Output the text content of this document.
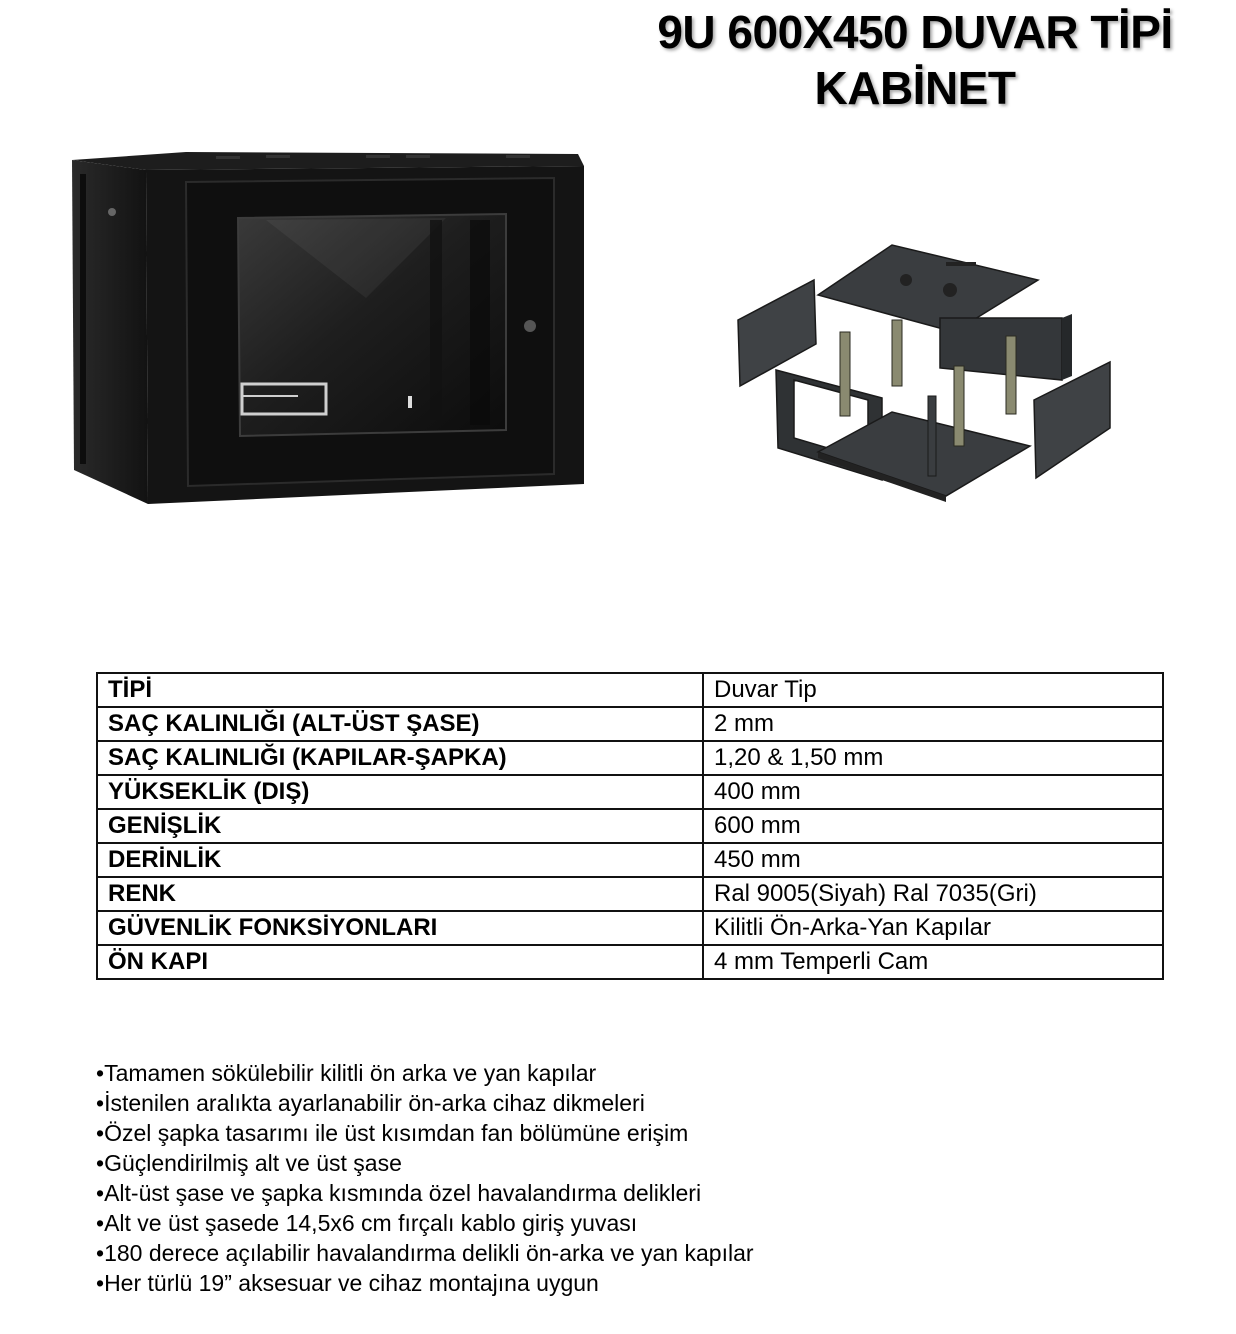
9U 600X450 DUVAR TİPİ
KABİNET
TİPİ	Duvar Tip
SAÇ KALINLIĞI (ALT-ÜST ŞASE)	2 mm
SAÇ KALINLIĞI (KAPILAR-ŞAPKA)	1,20 & 1,50 mm
YÜKSEKLİK (DIŞ)	400 mm
GENİŞLİK	600 mm
DERİNLİK	450 mm
RENK	Ral 9005(Siyah) Ral 7035(Gri)
GÜVENLİK FONKSİYONLARI	Kilitli Ön-Arka-Yan Kapılar
ÖN KAPI	4 mm Temperli Cam
• Tamamen sökülebilir kilitli ön arka ve yan kapılar
• İstenilen aralıkta ayarlanabilir ön-arka cihaz dikmeleri
• Özel şapka tasarımı ile üst kısımdan fan bölümüne erişim
• Güçlendirilmiş alt ve üst şase
• Alt-üst şase ve şapka kısmında özel havalandırma delikleri
• Alt ve üst şasede 14,5x6 cm fırçalı kablo giriş yuvası
• 180 derece açılabilir havalandırma delikli ön-arka ve yan kapılar
• Her türlü 19” aksesuar ve cihaz montajına uygun
